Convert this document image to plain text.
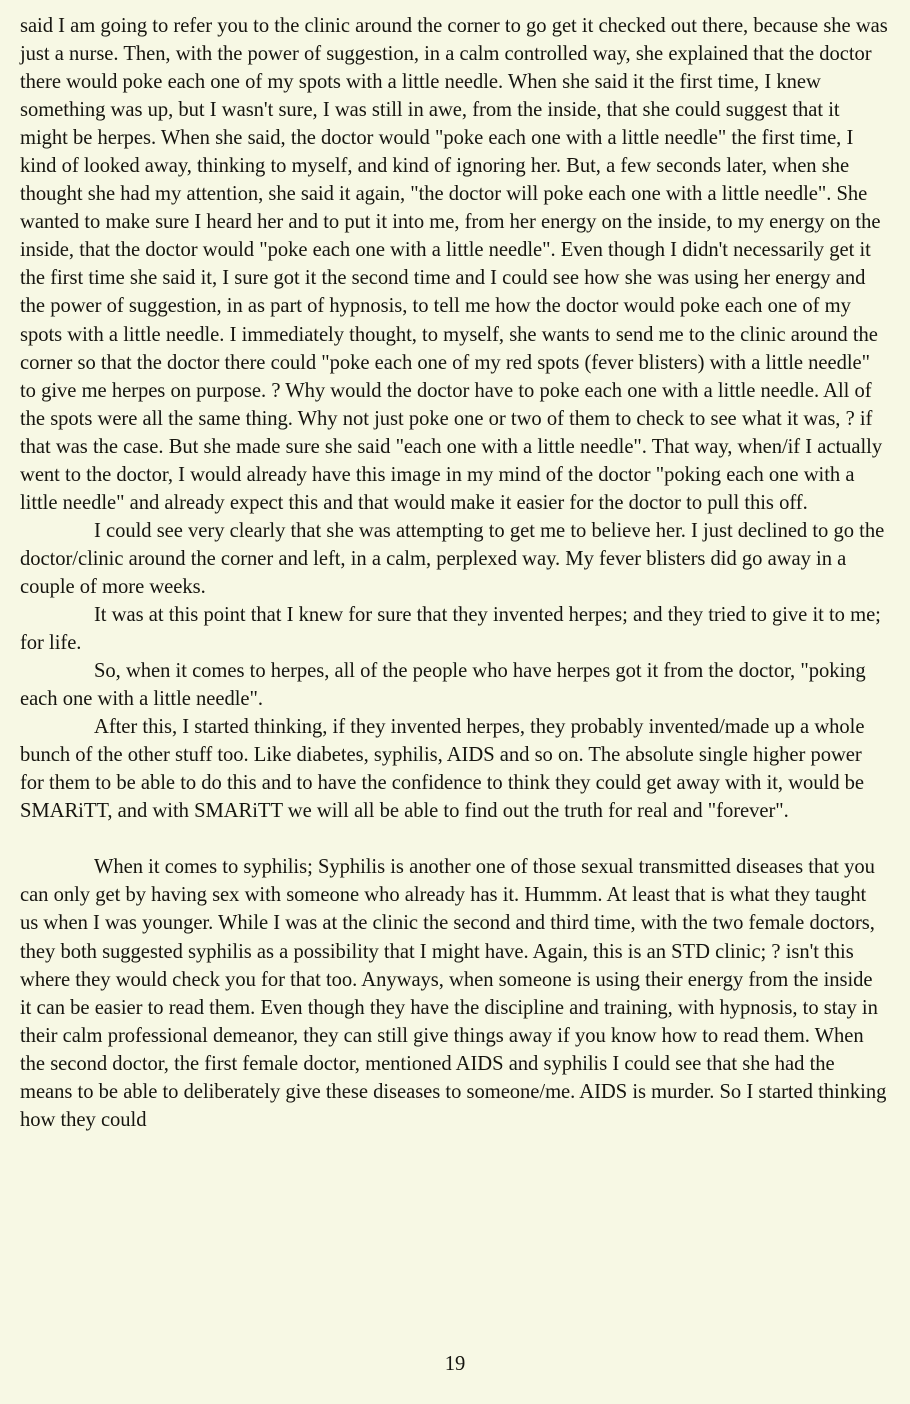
said I am going to refer you to the clinic around the corner to go get it checked out there, because she was just a nurse. Then, with the power of suggestion, in a calm controlled way, she explained that the doctor there would poke each one of my spots with a little needle. When she said it the first time, I knew something was up, but I wasn't sure, I was still in awe, from the inside, that she could suggest that it might be herpes. When she said, the doctor would "poke each one with a little needle" the first time, I kind of looked away, thinking to myself, and kind of ignoring her. But, a few seconds later, when she thought she had my attention, she said it again, "the doctor will poke each one with a little needle". She wanted to make sure I heard her and to put it into me, from her energy on the inside, to my energy on the inside, that the doctor would "poke each one with a little needle". Even though I didn't necessarily get it the first time she said it, I sure got it the second time and I could see how she was using her energy and the power of suggestion, in as part of hypnosis, to tell me how the doctor would poke each one of my spots with a little needle. I immediately thought, to myself, she wants to send me to the clinic around the corner so that the doctor there could "poke each one of my red spots (fever blisters) with a little needle" to give me herpes on purpose. ? Why would the doctor have to poke each one with a little needle. All of the spots were all the same thing. Why not just poke one or two of them to check to see what it was, ? if that was the case. But she made sure she said "each one with a little needle". That way, when/if I actually went to the doctor, I would already have this image in my mind of the doctor "poking each one with a little needle" and already expect this and that would make it easier for the doctor to pull this off.

I could see very clearly that she was attempting to get me to believe her. I just declined to go the doctor/clinic around the corner and left, in a calm, perplexed way. My fever blisters did go away in a couple of more weeks.

It was at this point that I knew for sure that they invented herpes; and they tried to give it to me; for life.

So, when it comes to herpes, all of the people who have herpes got it from the doctor, "poking each one with a little needle".

After this, I started thinking, if they invented herpes, they probably invented/made up a whole bunch of the other stuff too. Like diabetes, syphilis, AIDS and so on. The absolute single higher power for them to be able to do this and to have the confidence to think they could get away with it, would be SMARiTT, and with SMARiTT we will all be able to find out the truth for real and "forever".

When it comes to syphilis; Syphilis is another one of those sexual transmitted diseases that you can only get by having sex with someone who already has it. Hummm. At least that is what they taught us when I was younger. While I was at the clinic the second and third time, with the two female doctors, they both suggested syphilis as a possibility that I might have. Again, this is an STD clinic; ? isn't this where they would check you for that too. Anyways, when someone is using their energy from the inside it can be easier to read them. Even though they have the discipline and training, with hypnosis, to stay in their calm professional demeanor, they can still give things away if you know how to read them. When the second doctor, the first female doctor, mentioned AIDS and syphilis I could see that she had the means to be able to deliberately give these diseases to someone/me. AIDS is murder. So I started thinking how they could

19
